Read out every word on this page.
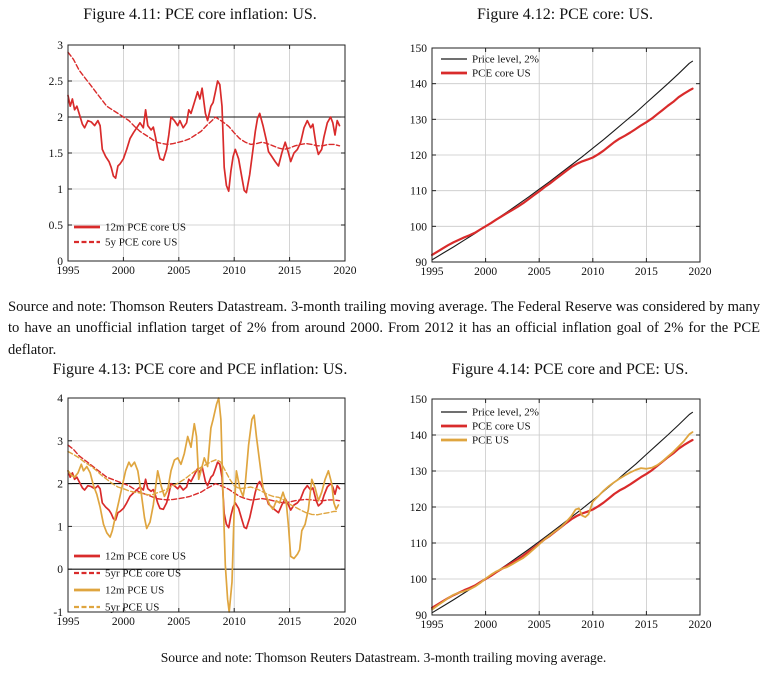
Figure 4.11: PCE core inflation: US.	Figure 4.12: PCE core: US.
1995	2000	2005	2010	2015	2020
0
0.5
1
1.5
2
2.5
3
12m PCE core US
5y PCE core US
1995	2000	2005	2010	2015	2020
90
100
110
120
130
140
150
Price level, 2%
PCE core US

Source and note: Thomson Reuters Datastream. 3-month trailing moving average. The Federal Reserve was considered by many to have an unofficial inflation target of 2% from around 2000. From 2012 it has an official inflation goal of 2% for the PCE deflator.

Figure 4.13: PCE core and PCE inflation: US.	Figure 4.14: PCE core and PCE: US.
1995	2000	2005	2010	2015	2020
-1
0
1
2
3
4
12m PCE core US
5yr PCE core US
12m PCE US
5yr PCE US
1995	2000	2005	2010	2015	2020
90
100
110
120
130
140
150
Price level, 2%
PCE core US
PCE US

Source and note: Thomson Reuters Datastream. 3-month trailing moving average.
